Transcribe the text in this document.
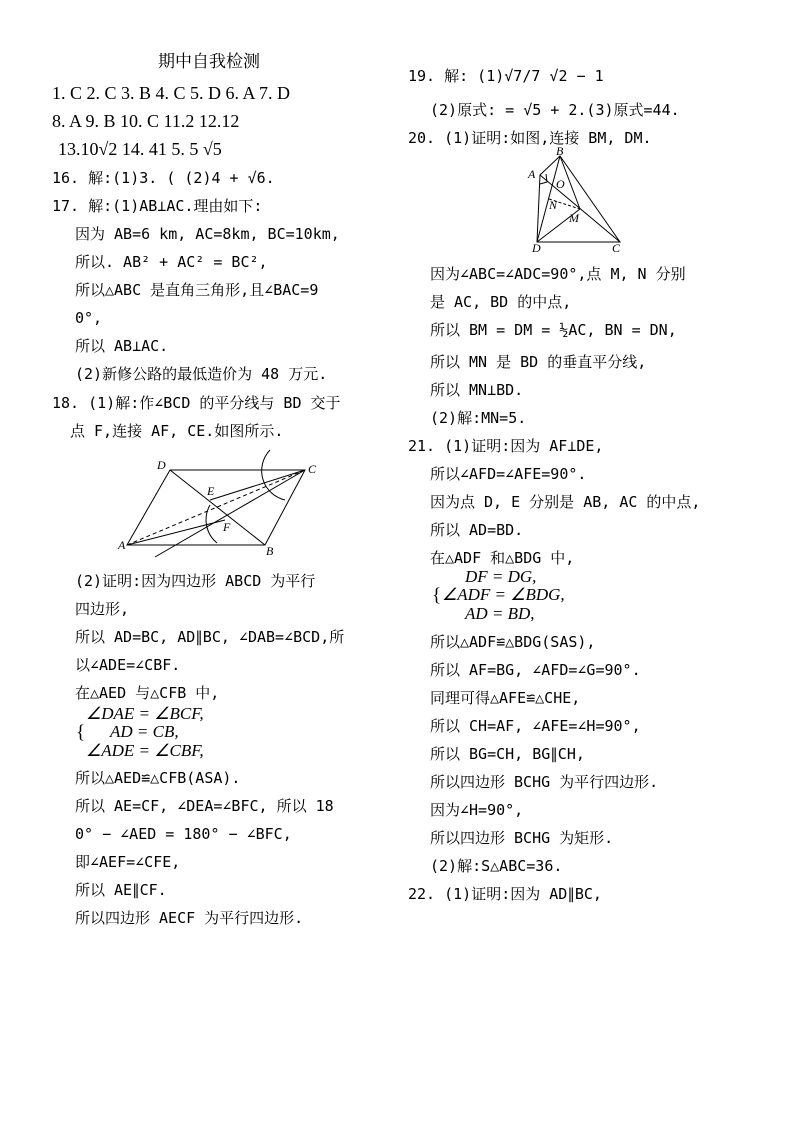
期中自我检测
1. C 2. C 3. B 4. C 5. D 6. A 7. D
8. A 9. B 10. C 11.2 12.12
13.10√2 14. 41 5. 5 √5
16. 解:(1)3. ( (2)4 + √6.
17. 解:(1)AB⊥AC.理由如下:
因为 AB=6 km, AC=8km, BC=10km,
所以. AB² + AC² = BC²,
所以△ABC 是直角三角形,且∠BAC=9
0°,
所以 AB⊥AC.
(2)新修公路的最低造价为 48 万元.
18. (1)解:作∠BCD 的平分线与 BD 交于
点 F,连接 AF, CE.如图所示.
D	C
A	B
E
F
(2)证明:因为四边形 ABCD 为平行
四边形,
所以 AD=BC, AD∥BC, ∠DAB=∠BCD,所
以∠ADE=∠CBF.
在△AED 与△CFB 中,
∠DAE = ∠BCF,
{ AD = CB,
∠ADE = ∠CBF,
所以△AED≌△CFB(ASA).
所以 AE=CF, ∠DEA=∠BFC, 所以 18
0° − ∠AED = 180° − ∠BFC,
即∠AEF=∠CFE,
所以 AE∥CF.
所以四边形 AECF 为平行四边形.
19. 解: (1)√7/7 √2 − 1
(2)原式: = √5 + 2.(3)原式=44.
20. (1)证明:如图,连接 BM, DM.
B
A
O
N
M
D	C
因为∠ABC=∠ADC=90°,点 M, N 分别
是 AC, BD 的中点,
所以 BM = DM = ½AC, BN = DN,
所以 MN 是 BD 的垂直平分线,
所以 MN⊥BD.
(2)解:MN=5.
21. (1)证明:因为 AF⊥DE,
所以∠AFD=∠AFE=90°.
因为点 D, E 分别是 AB, AC 的中点,
所以 AD=BD.
在△ADF 和△BDG 中,
DF = DG,
{ ∠ADF = ∠BDG,
AD = BD,
所以△ADF≌△BDG(SAS),
所以 AF=BG, ∠AFD=∠G=90°.
同理可得△AFE≌△CHE,
所以 CH=AF, ∠AFE=∠H=90°,
所以 BG=CH, BG∥CH,
所以四边形 BCHG 为平行四边形.
因为∠H=90°,
所以四边形 BCHG 为矩形.
(2)解:S△ABC=36.
22. (1)证明:因为 AD∥BC,
